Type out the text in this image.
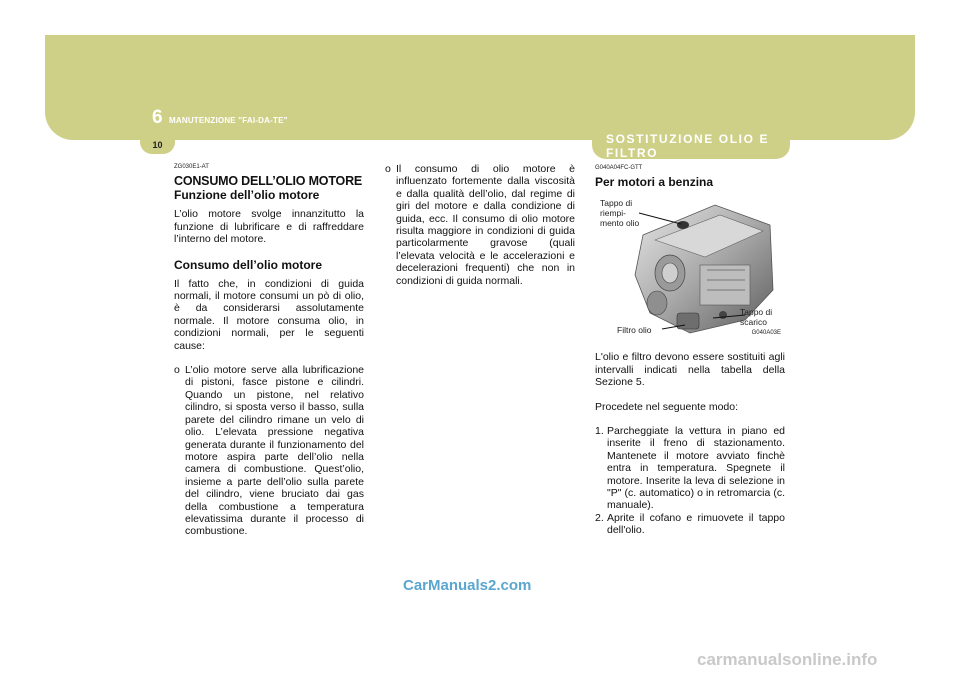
6 MANUTENZIONE "FAI-DA-TE"
10	SOSTITUZIONE OLIO E FILTRO
ZG030E1-AT
CONSUMO DELL’OLIO MOTORE
Funzione dell’olio motore

L’olio motore svolge innanzitutto la funzione di lubrificare e di raffreddare l’interno del motore.

Consumo dell’olio motore

Il fatto che, in condizioni di guida normali, il motore consumi un pò di olio, è da considerarsi assolutamente normale. Il motore consuma olio, in condizioni normali, per le seguenti cause:

o L’olio motore serve alla lubrificazione di pistoni, fasce pistone e cilindri. Quando un pistone, nel relativo cilindro, si sposta verso il basso, sulla parete del cilindro rimane un velo di olio. L’elevata pressione negativa generata durante il funzionamento del motore aspira parte dell’olio nella camera di combustione. Quest’olio, insieme a parte dell’olio sulla parete del cilindro, viene bruciato dai gas della combustione a temperatura elevatissima durante il processo di combustione.
o Il consumo di olio motore è influenzato fortemente dalla viscosità e dalla qualità dell’olio, dal regime di giri del motore e dalla condizione di guida, ecc. Il consumo di olio motore risulta maggiore in condizioni di guida particolarmente gravose (quali l’elevata velocità e le accelerazioni e decelerazioni frequenti) che non in condizioni di guida normali.
G040A04FC-GTT
Per motori a benzina
Tappo di riempi- mento olio
Filtro olio
Tappo di scarico
G040A03E

L'olio e filtro devono essere sostituiti agli intervalli indicati nella tabella della Sezione 5.

Procedete nel seguente modo:

1. Parcheggiate la vettura in piano ed inserite il freno di stazionamento. Mantenete il motore avviato finchè entra in temperatura. Spegnete il motore. Inserite la leva di selezione in "P" (c. automatico) o in retromarcia (c. manuale).
2. Aprite il cofano e rimuovete il tappo dell'olio.
CarManuals2.com
carmanualsonline.info
